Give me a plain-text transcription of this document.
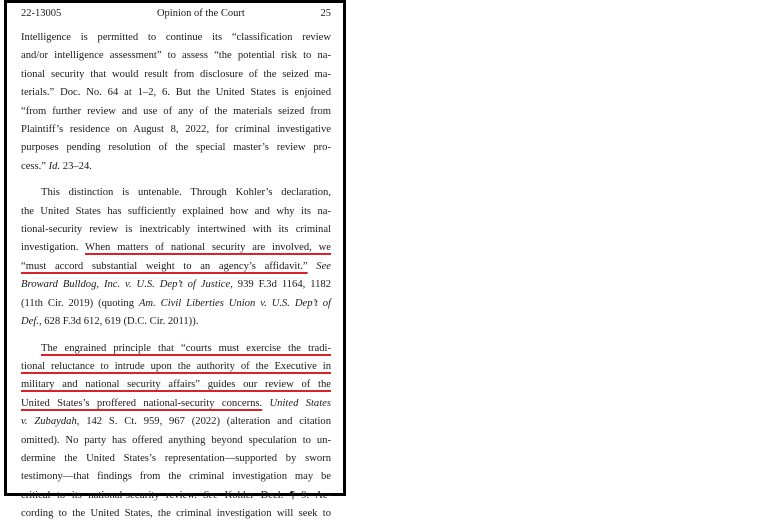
22-13005	Opinion of the Court	25
Intelligence is permitted to continue its “classification review
and/or intelligence assessment” to assess “the potential risk to na-
tional security that would result from disclosure of the seized ma-
terials.” Doc. No. 64 at 1–2, 6. But the United States is enjoined
“from further review and use of any of the materials seized from
Plaintiff’s residence on August 8, 2022, for criminal investigative
purposes pending resolution of the special master’s review pro-
cess.” Id. 23–24.
This distinction is untenable. Through Kohler’s declaration,
the United States has sufficiently explained how and why its na-
tional-security review is inextricably intertwined with its criminal
investigation. When matters of national security are involved, we
“must accord substantial weight to an agency’s affidavit.” See
Broward Bulldog, Inc. v. U.S. Dep’t of Justice, 939 F.3d 1164, 1182
(11th Cir. 2019) (quoting Am. Civil Liberties Union v. U.S. Dep’t of
Def., 628 F.3d 612, 619 (D.C. Cir. 2011)).
The engrained principle that “courts must exercise the tradi-
tional reluctance to intrude upon the authority of the Executive in
military and national security affairs” guides our review of the
United States’s proffered national-security concerns. United States
v. Zubaydah, 142 S. Ct. 959, 967 (2022) (alteration and citation
omitted). No party has offered anything beyond speculation to un-
dermine the United States’s representation—supported by sworn
testimony—that findings from the criminal investigation may be
critical to its national-security review. See Kohler Decl. ¶ 9. Ac-
cording to the United States, the criminal investigation will seek to
